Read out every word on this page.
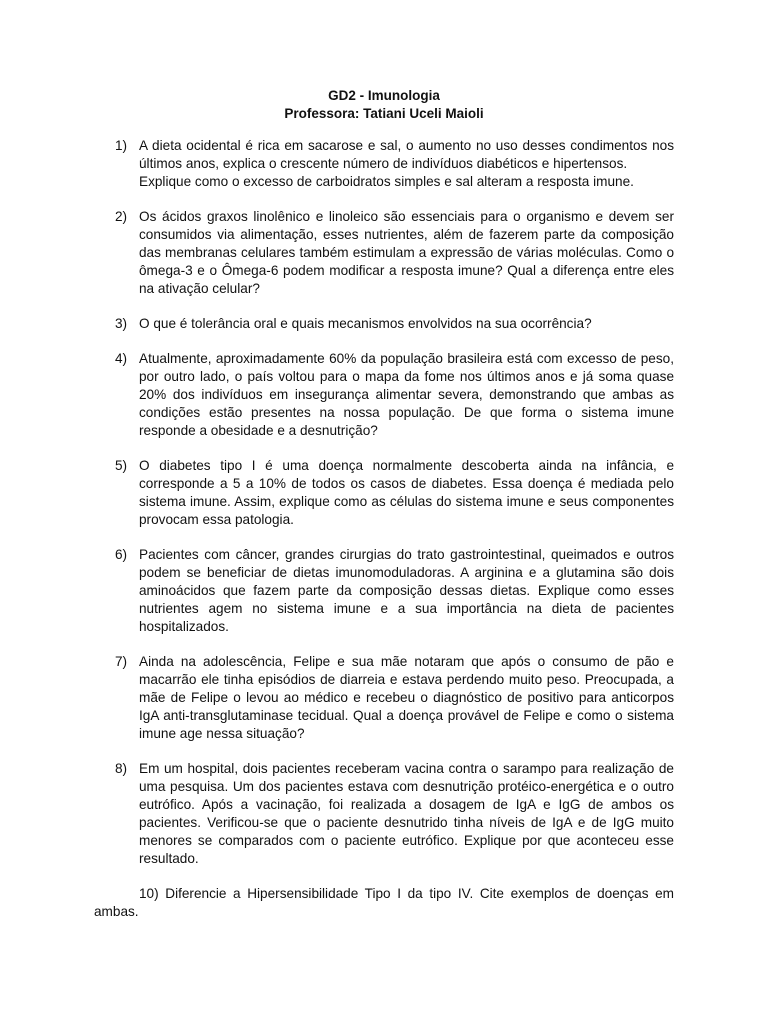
GD2 - Imunologia
Professora: Tatiani Uceli Maioli
1) A dieta ocidental é rica em sacarose e sal, o aumento no uso desses condimentos nos últimos anos, explica o crescente número de indivíduos diabéticos e hipertensos.
Explique como o excesso de carboidratos simples e sal alteram a resposta imune.
2) Os ácidos graxos linolênico e linoleico são essenciais para o organismo e devem ser consumidos via alimentação, esses nutrientes, além de fazerem parte da composição das membranas celulares também estimulam a expressão de várias moléculas. Como o ômega-3 e o Ômega-6 podem modificar a resposta imune? Qual a diferença entre eles na ativação celular?
3) O que é tolerância oral e quais mecanismos envolvidos na sua ocorrência?
4) Atualmente, aproximadamente 60% da população brasileira está com excesso de peso, por outro lado, o país voltou para o mapa da fome nos últimos anos e já soma quase 20% dos indivíduos em insegurança alimentar severa, demonstrando que ambas as condições estão presentes na nossa população. De que forma o sistema imune responde a obesidade e a desnutrição?
5) O diabetes tipo I é uma doença normalmente descoberta ainda na infância, e corresponde a 5 a 10% de todos os casos de diabetes. Essa doença é mediada pelo sistema imune. Assim, explique como as células do sistema imune e seus componentes provocam essa patologia.
6) Pacientes com câncer, grandes cirurgias do trato gastrointestinal, queimados e outros podem se beneficiar de dietas imunomoduladoras. A arginina e a glutamina são dois aminoácidos que fazem parte da composição dessas dietas. Explique como esses nutrientes agem no sistema imune e a sua importância na dieta de pacientes hospitalizados.
7) Ainda na adolescência, Felipe e sua mãe notaram que após o consumo de pão e macarrão ele tinha episódios de diarreia e estava perdendo muito peso. Preocupada, a mãe de Felipe o levou ao médico e recebeu o diagnóstico de positivo para anticorpos IgA anti-transglutaminase tecidual. Qual a doença provável de Felipe e como o sistema imune age nessa situação?
8) Em um hospital, dois pacientes receberam vacina contra o sarampo para realização de uma pesquisa. Um dos pacientes estava com desnutrição protéico-energética e o outro eutrófico. Após a vacinação, foi realizada a dosagem de IgA e IgG de ambos os pacientes. Verificou-se que o paciente desnutrido tinha níveis de IgA e de IgG muito menores se comparados com o paciente eutrófico. Explique por que aconteceu esse resultado.
10) Diferencie a Hipersensibilidade Tipo I da tipo IV. Cite exemplos de doenças em ambas.
